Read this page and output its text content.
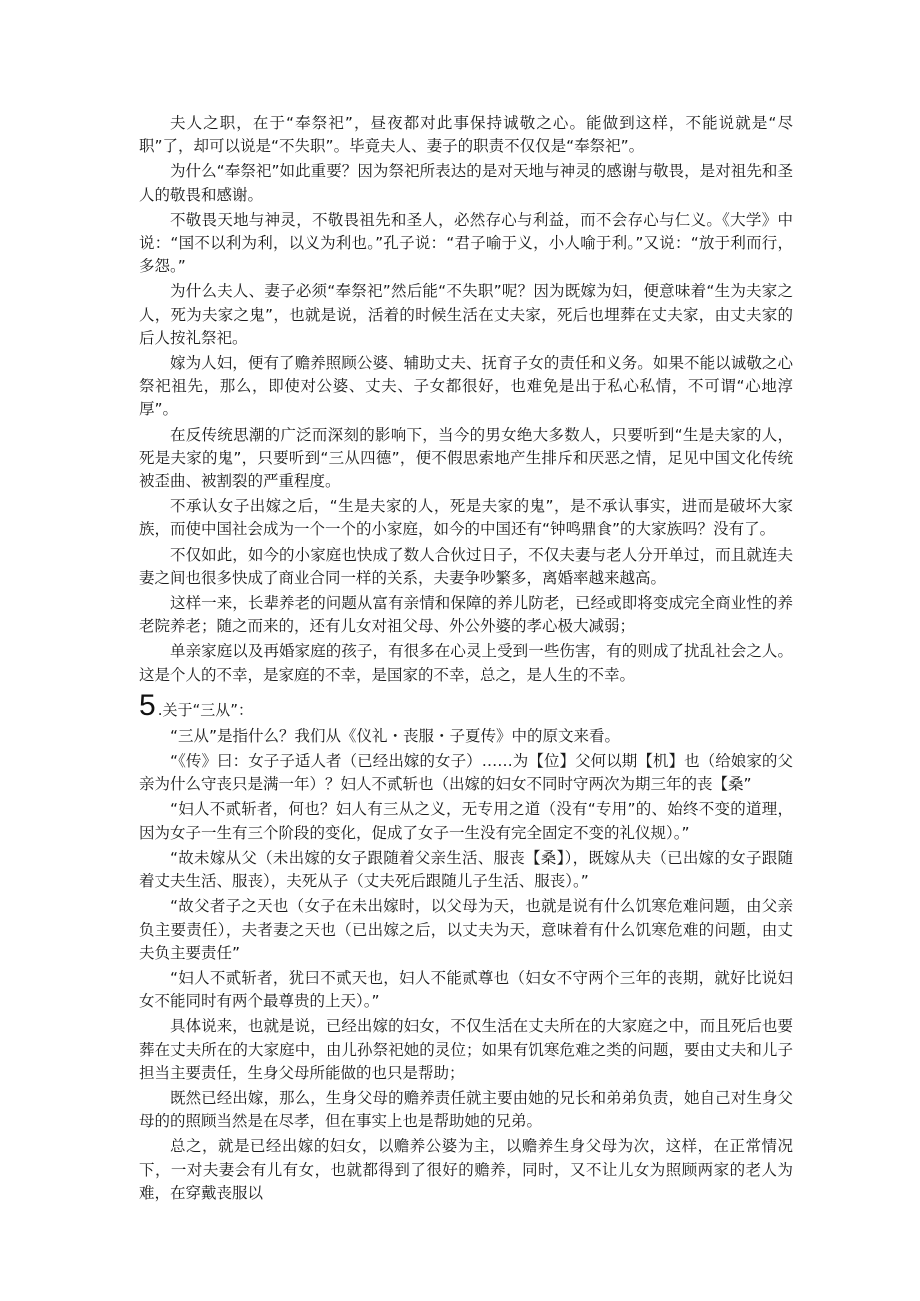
夫人之职，在于“奉祭祀”，昼夜都对此事保持诚敬之心。能做到这样，不能说就是“尽职”了，却可以说是“不失职”。毕竟夫人、妻子的职责不仅仅是“奉祭祀”。

为什么“奉祭祀”如此重要？因为祭祀所表达的是对天地与神灵的感谢与敬畏，是对祖先和圣人的敬畏和感谢。

不敬畏天地与神灵，不敬畏祖先和圣人，必然存心与利益，而不会存心与仁义。《大学》中说：“国不以利为利，以义为利也。”孔子说：“君子喻于义，小人喻于利。”又说：“放于利而行，多怨。”

为什么夫人、妻子必须“奉祭祀”然后能“不失职”呢？因为既嫁为妇，便意味着“生为夫家之人，死为夫家之鬼”，也就是说，活着的时候生活在丈夫家，死后也埋葬在丈夫家，由丈夫家的后人按礼祭祀。

嫁为人妇，便有了赡养照顾公婆、辅助丈夫、抚育子女的责任和义务。如果不能以诚敬之心祭祀祖先，那么，即使对公婆、丈夫、子女都很好，也难免是出于私心私情，不可谓“心地淳厚”。

在反传统思潮的广泛而深刻的影响下，当今的男女绝大多数人，只要听到“生是夫家的人，死是夫家的鬼”，只要听到“三从四德”，便不假思索地产生排斥和厌恶之情，足见中国文化传统被歪曲、被割裂的严重程度。

不承认女子出嫁之后，“生是夫家的人，死是夫家的鬼”，是不承认事实，进而是破坏大家族，而使中国社会成为一个一个的小家庭，如今的中国还有“钟鸣鼎食”的大家族吗？没有了。

不仅如此，如今的小家庭也快成了数人合伙过日子，不仅夫妻与老人分开单过，而且就连夫妻之间也很多快成了商业合同一样的关系，夫妻争吵繁多，离婚率越来越高。

这样一来，长辈养老的问题从富有亲情和保障的养儿防老，已经或即将变成完全商业性的养老院养老；随之而来的，还有儿女对祖父母、外公外婆的孝心极大减弱；

单亲家庭以及再婚家庭的孩子，有很多在心灵上受到一些伤害，有的则成了扰乱社会之人。这是个人的不幸，是家庭的不幸，是国家的不幸，总之，是人生的不幸。

5 .关于“三从”：

“三从”是指什么？我们从《仪礼・丧服・子夏传》中的原文来看。

“《传》曰：女子子适人者（已经出嫁的女子）……为【位】父何以期【机】也（给娘家的父亲为什么守丧只是满一年）？妇人不贰斩也（出嫁的妇女不同时守两次为期三年的丧【桑”

“妇人不贰斩者，何也？妇人有三从之义，无专用之道（没有“专用”的、始终不变的道理，因为女子一生有三个阶段的变化，促成了女子一生没有完全固定不变的礼仪规）。”

“故未嫁从父（未出嫁的女子跟随着父亲生活、服丧【桑】），既嫁从夫（已出嫁的女子跟随着丈夫生活、服丧），夫死从子（丈夫死后跟随儿子生活、服丧）。”

“故父者子之天也（女子在未出嫁时，以父母为天，也就是说有什么饥寒危难问题，由父亲负主要责任），夫者妻之天也（已出嫁之后，以丈夫为天，意味着有什么饥寒危难的问题，由丈夫负主要责任”

“妇人不贰斩者，犹曰不贰天也，妇人不能贰尊也（妇女不守两个三年的丧期，就好比说妇女不能同时有两个最尊贵的上天）。”

具体说来，也就是说，已经出嫁的妇女，不仅生活在丈夫所在的大家庭之中，而且死后也要葬在丈夫所在的大家庭中，由儿孙祭祀她的灵位；如果有饥寒危难之类的问题，要由丈夫和儿子担当主要责任，生身父母所能做的也只是帮助；

既然已经出嫁，那么，生身父母的赡养责任就主要由她的兄长和弟弟负责，她自己对生身父母的的照顾当然是在尽孝，但在事实上也是帮助她的兄弟。

总之，就是已经出嫁的妇女，以赡养公婆为主，以赡养生身父母为次，这样，在正常情况下，一对夫妻会有儿有女，也就都得到了很好的赡养，同时，又不让儿女为照顾两家的老人为难，在穿戴丧服以
